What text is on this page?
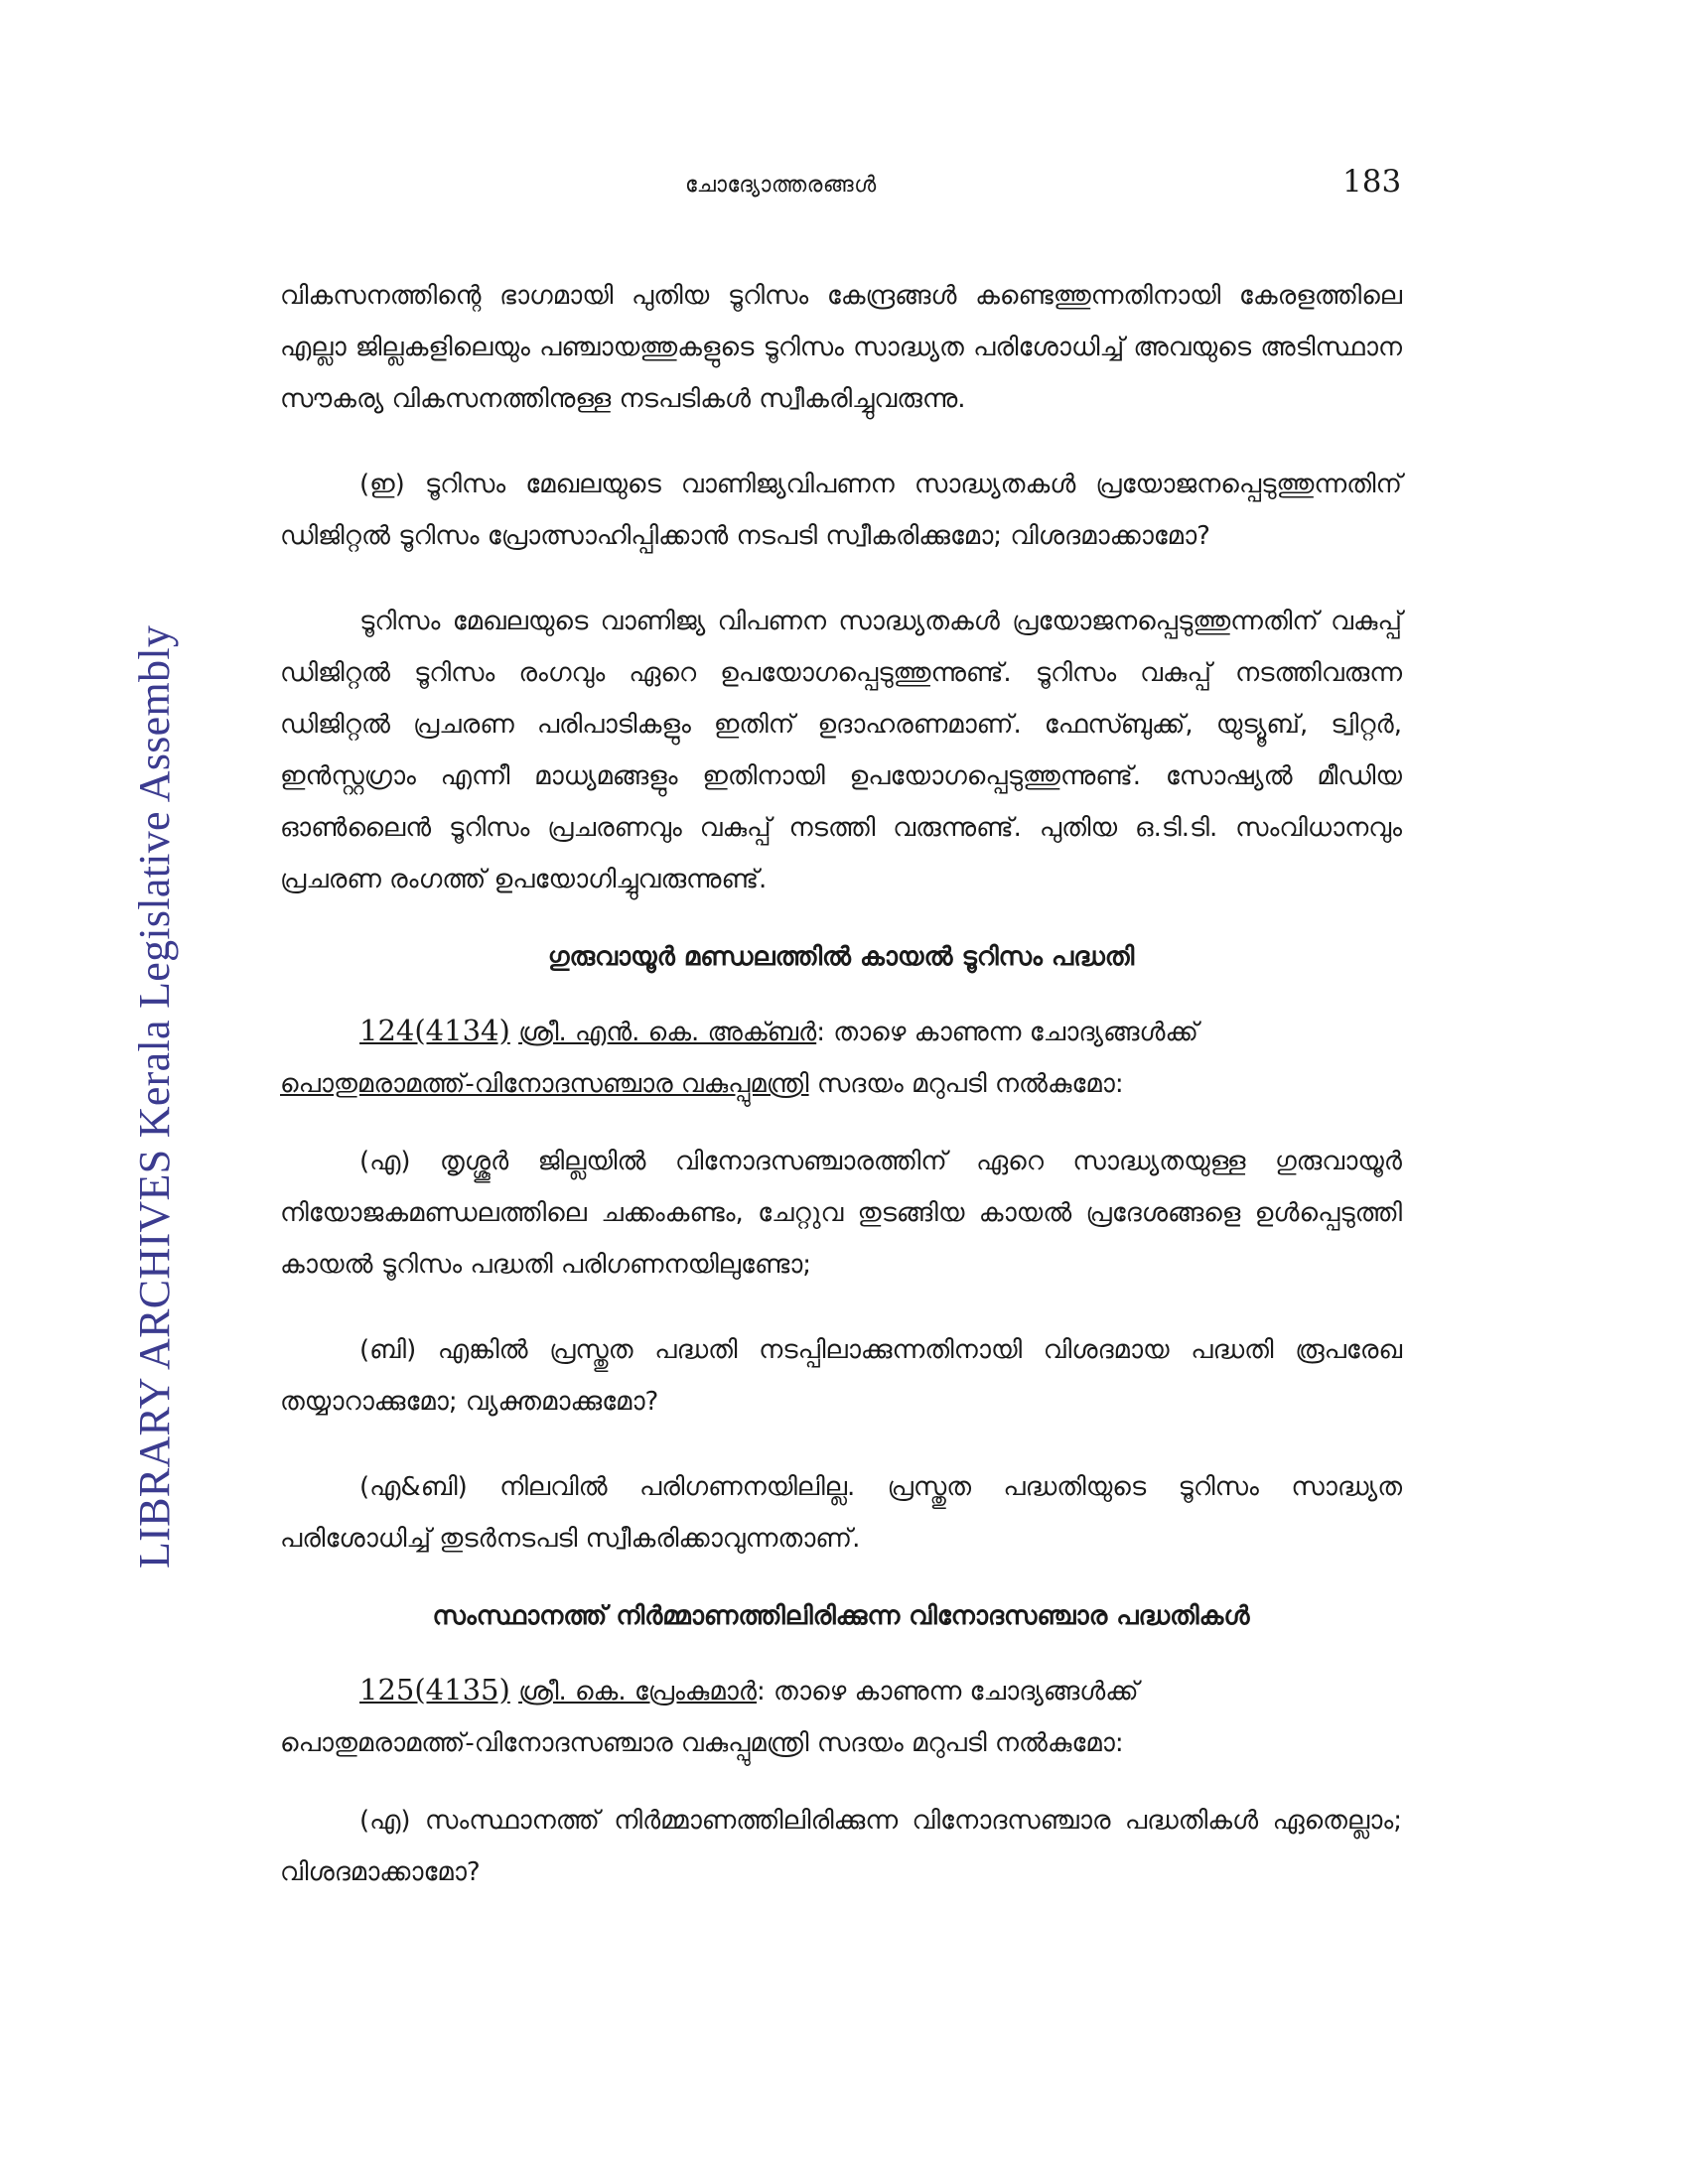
ചോദ്യോത്തരങ്ങൾ	183
LIBRARY ARCHIVES Kerala Legislative Assembly

വികസനത്തിന്റെ ഭാഗമായി പുതിയ ടൂറിസം കേന്ദ്രങ്ങൾ കണ്ടെത്തുന്നതിനായി കേരളത്തിലെ എല്ലാ ജില്ലകളിലെയും പഞ്ചായത്തുകളുടെ ടൂറിസം സാദ്ധ്യത പരിശോധിച്ച് അവയുടെ അടിസ്ഥാന സൗകര്യ വികസനത്തിനുള്ള നടപടികൾ സ്വീകരിച്ചുവരുന്നു.

(ഇ) ടൂറിസം മേഖലയുടെ വാണിജ്യവിപണന സാദ്ധ്യതകൾ പ്രയോജനപ്പെടുത്തുന്നതിന് ഡിജിറ്റൽ ടൂറിസം പ്രോത്സാഹിപ്പിക്കാൻ നടപടി സ്വീകരിക്കുമോ; വിശദമാക്കാമോ?

ടൂറിസം മേഖലയുടെ വാണിജ്യ വിപണന സാദ്ധ്യതകൾ പ്രയോജനപ്പെടുത്തുന്നതിന് വകുപ്പ് ഡിജിറ്റൽ ടൂറിസം രംഗവും ഏറെ ഉപയോഗപ്പെടുത്തുന്നുണ്ട്. ടൂറിസം വകുപ്പ് നടത്തിവരുന്ന ഡിജിറ്റൽ പ്രചരണ പരിപാടികളും ഇതിന് ഉദാഹരണമാണ്. ഫേസ്ബുക്ക്, യുട്യൂബ്, ട്വിറ്റർ, ഇൻസ്റ്റഗ്രാം എന്നീ മാധ്യമങ്ങളും ഇതിനായി ഉപയോഗപ്പെടുത്തുന്നുണ്ട്. സോഷ്യൽ മീഡിയ ഓൺലൈൻ ടൂറിസം പ്രചരണവും വകുപ്പ് നടത്തി വരുന്നുണ്ട്. പുതിയ ഒ.ടി.ടി. സംവിധാനവും പ്രചരണ രംഗത്ത് ഉപയോഗിച്ചുവരുന്നുണ്ട്.

ഗുരുവായൂർ മണ്ഡലത്തിൽ കായൽ ടൂറിസം പദ്ധതി

124(4134) ശ്രീ. എൻ. കെ. അക്ബർ: താഴെ കാണുന്ന ചോദ്യങ്ങൾക്ക്
പൊതുമരാമത്ത്-വിനോദസഞ്ചാര വകുപ്പുമന്ത്രി സദയം മറുപടി നൽകുമോ:

(എ) തൃശ്ശൂർ ജില്ലയിൽ വിനോദസഞ്ചാരത്തിന് ഏറെ സാദ്ധ്യതയുള്ള ഗുരുവായൂർ നിയോജകമണ്ഡലത്തിലെ ചക്കംകണ്ടം, ചേറ്റുവ തുടങ്ങിയ കായൽ പ്രദേശങ്ങളെ ഉൾപ്പെടുത്തി കായൽ ടൂറിസം പദ്ധതി പരിഗണനയിലുണ്ടോ;

(ബി) എങ്കിൽ പ്രസ്തുത പദ്ധതി നടപ്പിലാക്കുന്നതിനായി വിശദമായ പദ്ധതി രൂപരേഖ തയ്യാറാക്കുമോ; വ്യക്തമാക്കുമോ?

(എ&ബി) നിലവിൽ പരിഗണനയിലില്ല. പ്രസ്തുത പദ്ധതിയുടെ ടൂറിസം സാദ്ധ്യത പരിശോധിച്ച് തുടർനടപടി സ്വീകരിക്കാവുന്നതാണ്.

സംസ്ഥാനത്ത് നിർമ്മാണത്തിലിരിക്കുന്ന വിനോദസഞ്ചാര പദ്ധതികൾ

125(4135) ശ്രീ. കെ. പ്രേംകുമാർ: താഴെ കാണുന്ന ചോദ്യങ്ങൾക്ക്
പൊതുമരാമത്ത്-വിനോദസഞ്ചാര വകുപ്പുമന്ത്രി സദയം മറുപടി നൽകുമോ:

(എ) സംസ്ഥാനത്ത് നിർമ്മാണത്തിലിരിക്കുന്ന വിനോദസഞ്ചാര പദ്ധതികൾ ഏതെല്ലാം; വിശദമാക്കാമോ?
